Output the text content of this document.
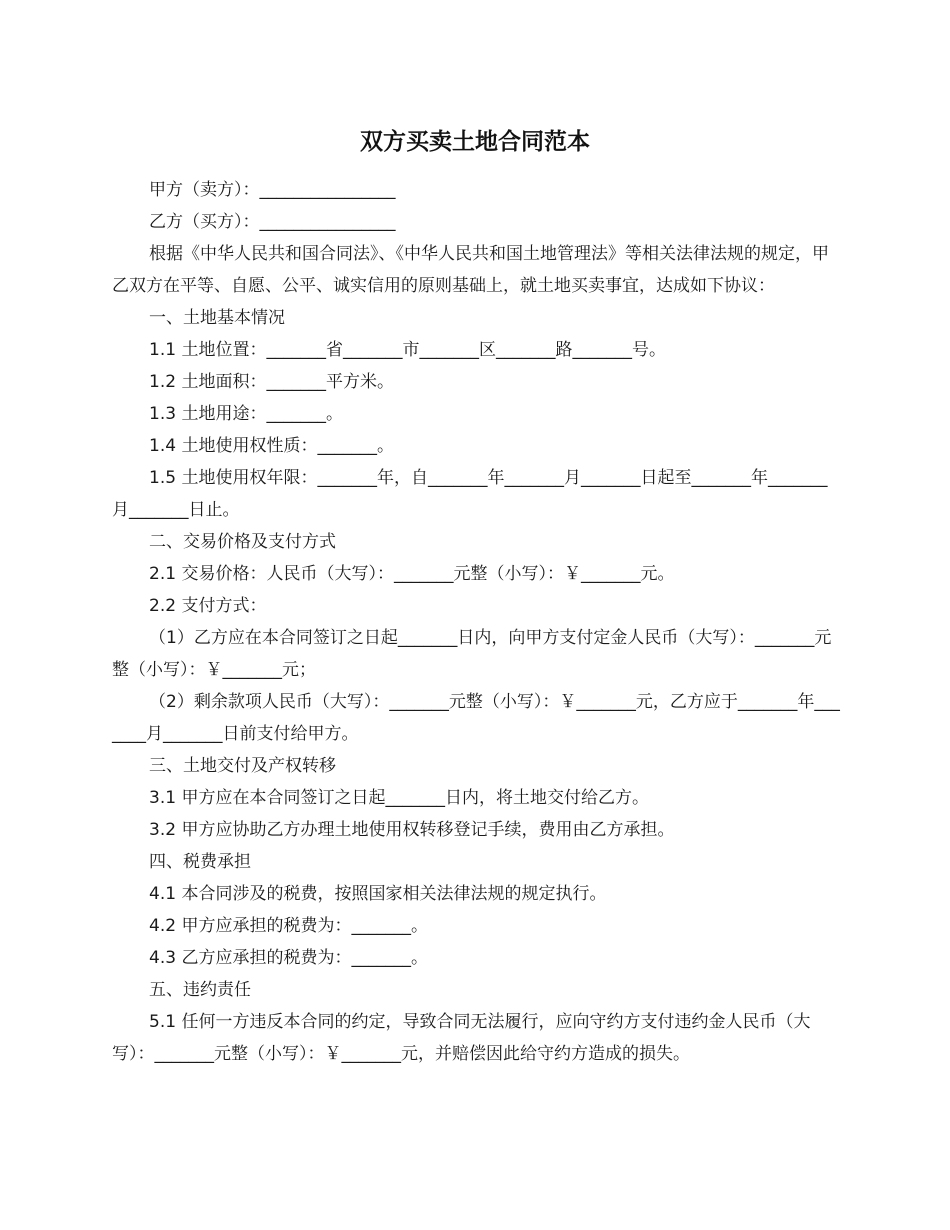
双方买卖土地合同范本

甲方（卖方）：________________

乙方（买方）：________________

根据《中华人民共和国合同法》、《中华人民共和国土地管理法》等相关法律法规的规定，甲乙双方在平等、自愿、公平、诚实信用的原则基础上，就土地买卖事宜，达成如下协议：

一、土地基本情况

1.1 土地位置：_______省_______市_______区_______路_______号。

1.2 土地面积：_______平方米。

1.3 土地用途：_______。

1.4 土地使用权性质：_______。

1.5 土地使用权年限：_______年，自_______年_______月_______日起至_______年_______月_______日止。

二、交易价格及支付方式

2.1 交易价格：人民币（大写）：_______元整（小写）：￥_______元。

2.2 支付方式：

（1）乙方应在本合同签订之日起_______日内，向甲方支付定金人民币（大写）：_______元整（小写）：￥_______元；

（2）剩余款项人民币（大写）：_______元整（小写）：￥_______元，乙方应于_______年_______月_______日前支付给甲方。

三、土地交付及产权转移

3.1 甲方应在本合同签订之日起_______日内，将土地交付给乙方。

3.2 甲方应协助乙方办理土地使用权转移登记手续，费用由乙方承担。

四、税费承担

4.1 本合同涉及的税费，按照国家相关法律法规的规定执行。

4.2 甲方应承担的税费为：_______。

4.3 乙方应承担的税费为：_______。

五、违约责任

5.1 任何一方违反本合同的约定，导致合同无法履行，应向守约方支付违约金人民币（大写）：_______元整（小写）：￥_______元，并赔偿因此给守约方造成的损失。
